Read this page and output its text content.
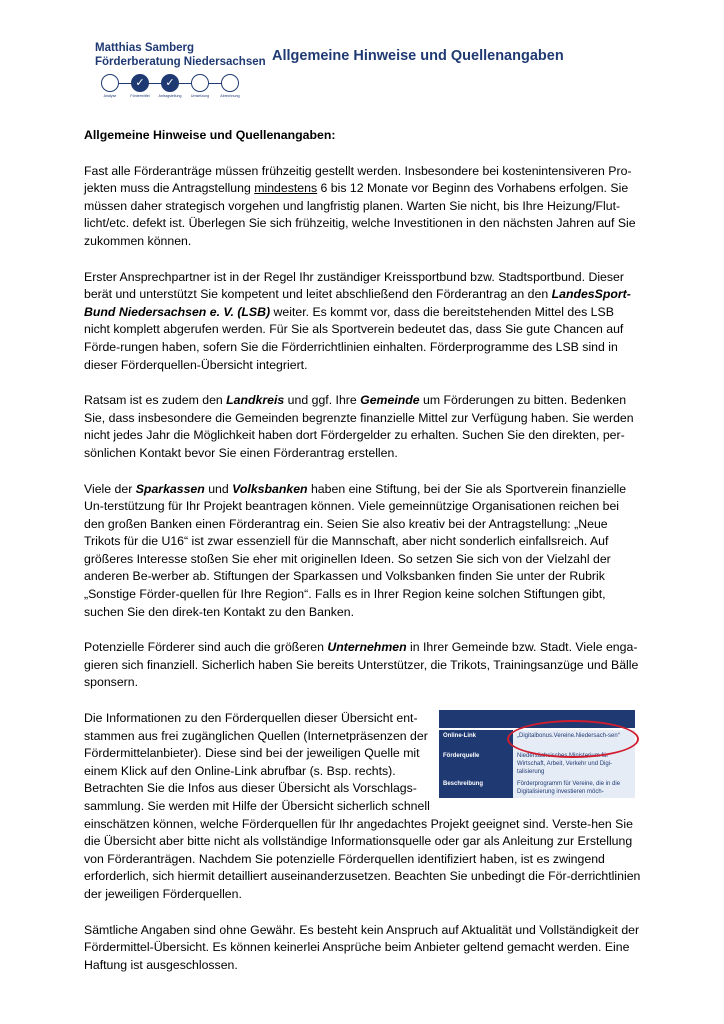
Matthias Samberg
Förderberatung Niedersachsen
Analyse
✓
Fördermittel
✓
Antragstellung	Umsetzung	Abrechnung
Allgemeine Hinweise und Quellenangaben

Allgemeine Hinweise und Quellenangaben:

Fast alle Förderanträge müssen frühzeitig gestellt werden. Insbesondere bei kostenintensiveren Pro-jekten muss die Antragstellung mindestens 6 bis 12 Monate vor Beginn des Vorhabens erfolgen. Sie müssen daher strategisch vorgehen und langfristig planen. Warten Sie nicht, bis Ihre Heizung/Flut-licht/etc. defekt ist. Überlegen Sie sich frühzeitig, welche Investitionen in den nächsten Jahren auf Sie zukommen können.

Erster Ansprechpartner ist in der Regel Ihr zuständiger Kreissportbund bzw. Stadtsportbund. Dieser berät und unterstützt Sie kompetent und leitet abschließend den Förderantrag an den LandesSport-Bund Niedersachsen e. V. (LSB) weiter. Es kommt vor, dass die bereitstehenden Mittel des LSB nicht komplett abgerufen werden. Für Sie als Sportverein bedeutet das, dass Sie gute Chancen auf Förde-rungen haben, sofern Sie die Förderrichtlinien einhalten. Förderprogramme des LSB sind in dieser Förderquellen-Übersicht integriert.

Ratsam ist es zudem den Landkreis und ggf. Ihre Gemeinde um Förderungen zu bitten. Bedenken Sie, dass insbesondere die Gemeinden begrenzte finanzielle Mittel zur Verfügung haben. Sie werden nicht jedes Jahr die Möglichkeit haben dort Fördergelder zu erhalten. Suchen Sie den direkten, per-sönlichen Kontakt bevor Sie einen Förderantrag erstellen.

Viele der Sparkassen und Volksbanken haben eine Stiftung, bei der Sie als Sportverein finanzielle Un-terstützung für Ihr Projekt beantragen können. Viele gemeinnützige Organisationen reichen bei den großen Banken einen Förderantrag ein. Seien Sie also kreativ bei der Antragstellung: „Neue Trikots für die U16“ ist zwar essenziell für die Mannschaft, aber nicht sonderlich einfallsreich. Auf größeres Interesse stoßen Sie eher mit originellen Ideen. So setzen Sie sich von der Vielzahl der anderen Be-werber ab. Stiftungen der Sparkassen und Volksbanken finden Sie unter der Rubrik „Sonstige Förder-quellen für Ihre Region“. Falls es in Ihrer Region keine solchen Stiftungen gibt, suchen Sie den direk-ten Kontakt zu den Banken.

Potenzielle Förderer sind auch die größeren Unternehmen in Ihrer Gemeinde bzw. Stadt. Viele enga-gieren sich finanziell. Sicherlich haben Sie bereits Unterstützer, die Trikots, Trainingsanzüge und Bälle sponsern.

Online-Link	„Digitalbonus.Vereine.Niedersach-sen“
Förderquelle	Niedersächsisches Ministerium für Wirtschaft, Arbeit, Verkehr und Digi-talisierung
Beschreibung	Förderprogramm für Vereine, die in die Digitalisierung investieren möch-
Die Informationen zu den Förderquellen dieser Übersicht ent-stammen aus frei zugänglichen Quellen (Internetpräsenzen der Fördermittelanbieter). Diese sind bei der jeweiligen Quelle mit einem Klick auf den Online-Link abrufbar (s. Bsp. rechts). Betrachten Sie die Infos aus dieser Übersicht als Vorschlags-sammlung. Sie werden mit Hilfe der Übersicht sicherlich schnell einschätzen können, welche Förderquellen für Ihr angedachtes Projekt geeignet sind. Verste-hen Sie die Übersicht aber bitte nicht als vollständige Informationsquelle oder gar als Anleitung zur Erstellung von Förderanträgen. Nachdem Sie potenzielle Förderquellen identifiziert haben, ist es zwingend erforderlich, sich hiermit detailliert auseinanderzusetzen. Beachten Sie unbedingt die För-derrichtlinien der jeweiligen Förderquellen.

Sämtliche Angaben sind ohne Gewähr. Es besteht kein Anspruch auf Aktualität und Vollständigkeit der Fördermittel-Übersicht. Es können keinerlei Ansprüche beim Anbieter geltend gemacht werden. Eine Haftung ist ausgeschlossen.
